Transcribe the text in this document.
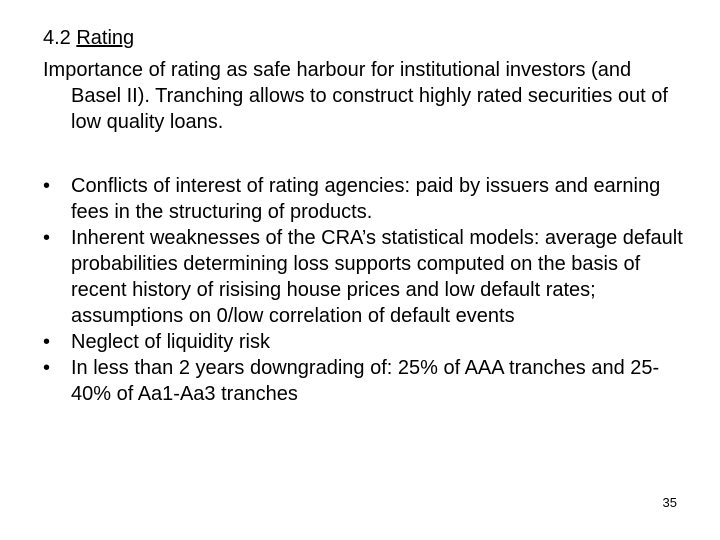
4.2 Rating

Importance of rating as safe harbour for institutional investors (and Basel II). Tranching allows to construct highly rated securities out of low quality loans.

•	Conflicts of interest of rating agencies: paid by issuers and earning fees in the structuring of products.
•	Inherent weaknesses of the CRA’s statistical models: average default probabilities determining loss supports computed on the basis of recent history of risising house prices and low default rates; assumptions on 0/low correlation of default events
•	Neglect of liquidity risk
•	In less than 2 years downgrading of: 25% of AAA tranches and 25-40% of Aa1-Aa3 tranches
35
